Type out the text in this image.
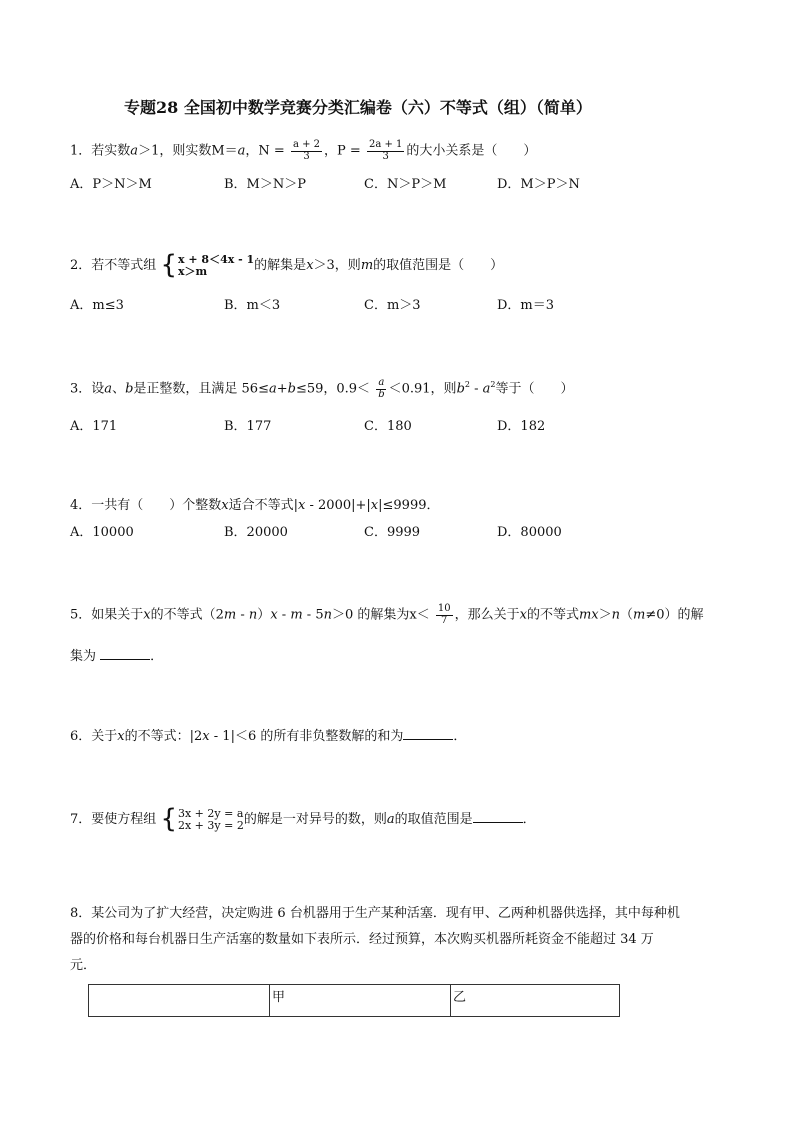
专题28 全国初中数学竞赛分类汇编卷（六）不等式（组）（简单）
1．若实数a＞1，则实数M＝a，$N = \frac{a + 2}{3}$ ，$P = \frac{2a + 1}{3}$ 的大小关系是（　　）
A．P＞N＞M	B．M＞N＞P	C．N＞P＞M	D．M＞P＞N
2．若不等式组 { x + 8＜4x - 1
x＞m	的解集是x＞3，则m的取值范围是（　　）
A．m≤3	B．m＜3	C．m＞3	D．m＝3
3．设a、b是正整数，且满足 56≤a+b≤59，$0.9< \frac{a}{b} <0.91$，则$b^2 - a^2$等于（　　）
A．171	B．177	C．180	D．182
4．一共有（　　）个整数x适合不等式|x - 2000|+|x|≤9999．
A．10000	B．20000	C．9999	D．80000
5．如果关于x的不等式（2m - n）x - m - 5n＞0 的解集为$x< \frac{10}{7}$ ，那么关于x的不等式mx＞n（m≠0）的解
集为	．
6．关于x的不等式：|2x - 1|＜6 的所有非负整数解的和为	．
7．要使方程组 { 3x + 2y = a
2x + 3y = 2 的解是一对异号的数，则a的取值范围是	．
8．某公司为了扩大经营，决定购进 6 台机器用于生产某种活塞．现有甲、乙两种机器供选择，其中每种机
器的价格和每台机器日生产活塞的数量如下表所示．经过预算，本次购买机器所耗资金不能超过 34 万
元．
	甲	乙
